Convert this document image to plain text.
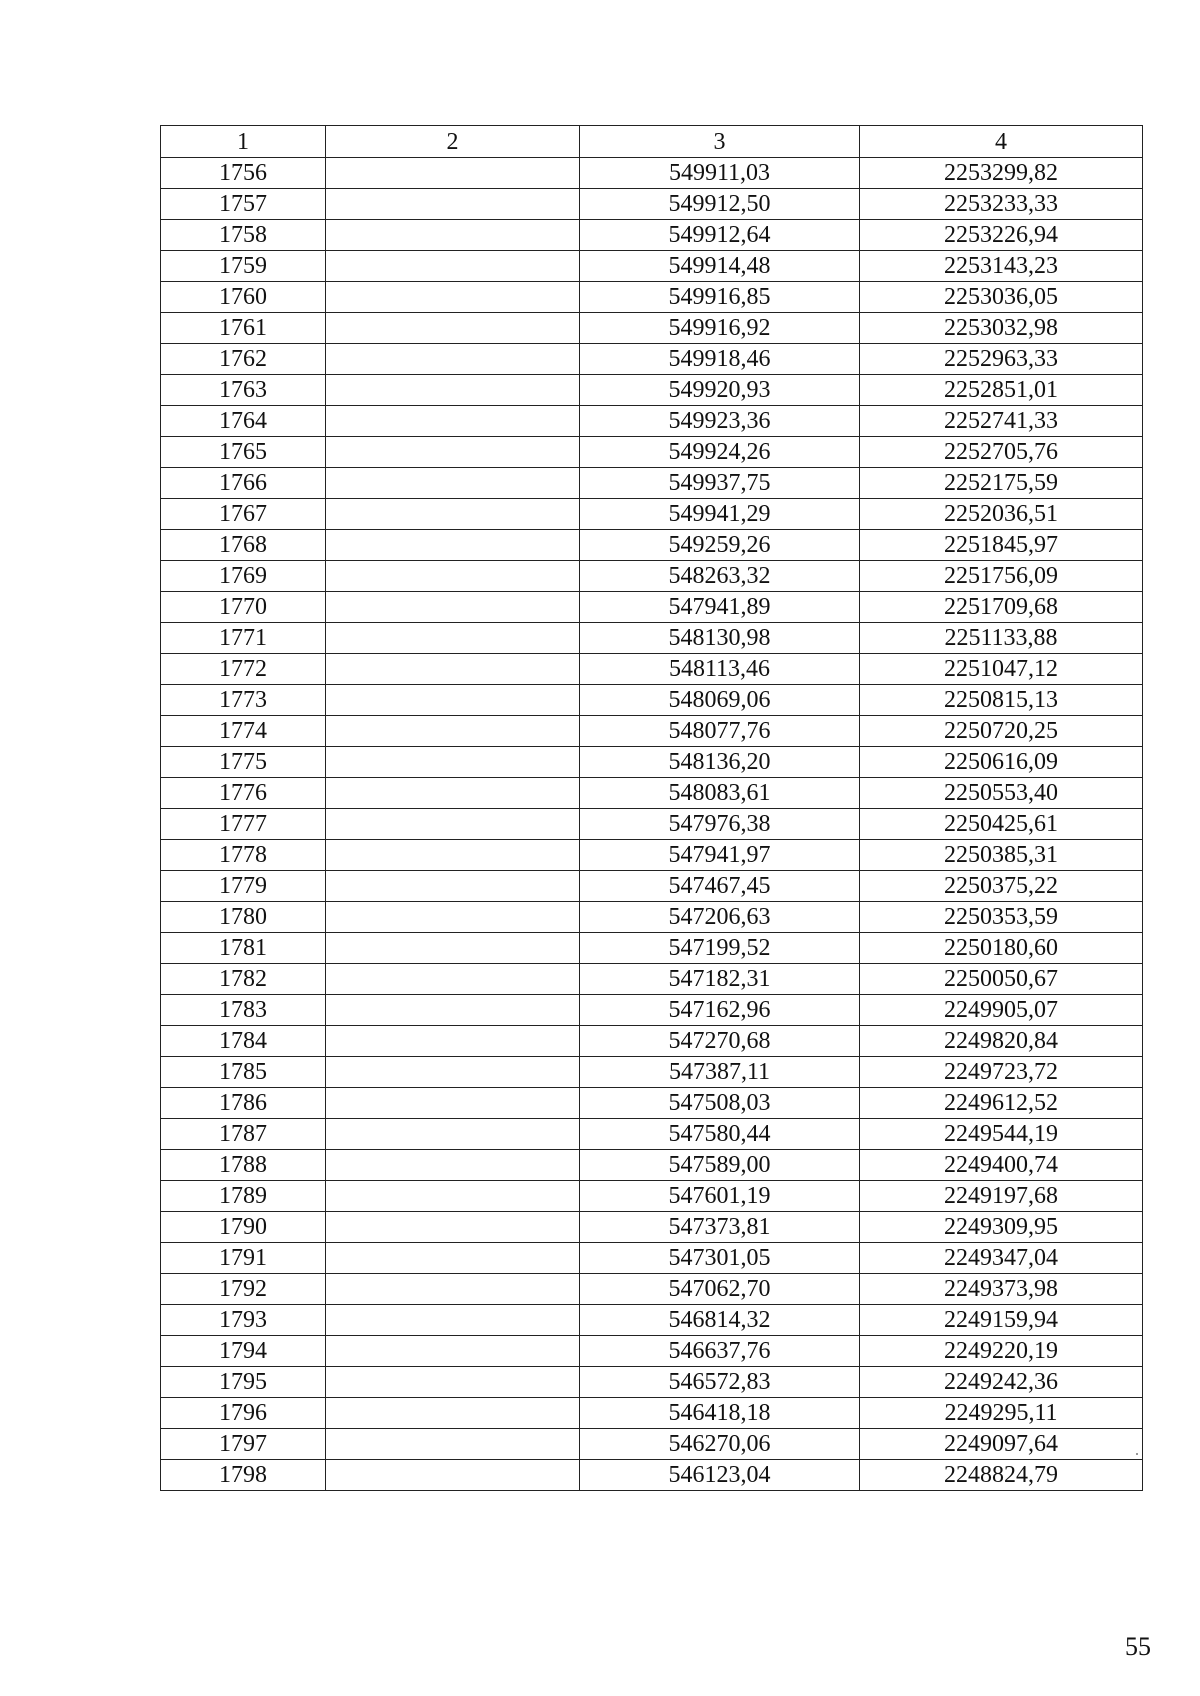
1	2	3	4
1756		549911,03	2253299,82
1757		549912,50	2253233,33
1758		549912,64	2253226,94
1759		549914,48	2253143,23
1760		549916,85	2253036,05
1761		549916,92	2253032,98
1762		549918,46	2252963,33
1763		549920,93	2252851,01
1764		549923,36	2252741,33
1765		549924,26	2252705,76
1766		549937,75	2252175,59
1767		549941,29	2252036,51
1768		549259,26	2251845,97
1769		548263,32	2251756,09
1770		547941,89	2251709,68
1771		548130,98	2251133,88
1772		548113,46	2251047,12
1773		548069,06	2250815,13
1774		548077,76	2250720,25
1775		548136,20	2250616,09
1776		548083,61	2250553,40
1777		547976,38	2250425,61
1778		547941,97	2250385,31
1779		547467,45	2250375,22
1780		547206,63	2250353,59
1781		547199,52	2250180,60
1782		547182,31	2250050,67
1783		547162,96	2249905,07
1784		547270,68	2249820,84
1785		547387,11	2249723,72
1786		547508,03	2249612,52
1787		547580,44	2249544,19
1788		547589,00	2249400,74
1789		547601,19	2249197,68
1790		547373,81	2249309,95
1791		547301,05	2249347,04
1792		547062,70	2249373,98
1793		546814,32	2249159,94
1794		546637,76	2249220,19
1795		546572,83	2249242,36
1796		546418,18	2249295,11
1797		546270,06	2249097,64
1798		546123,04	2248824,79
55
